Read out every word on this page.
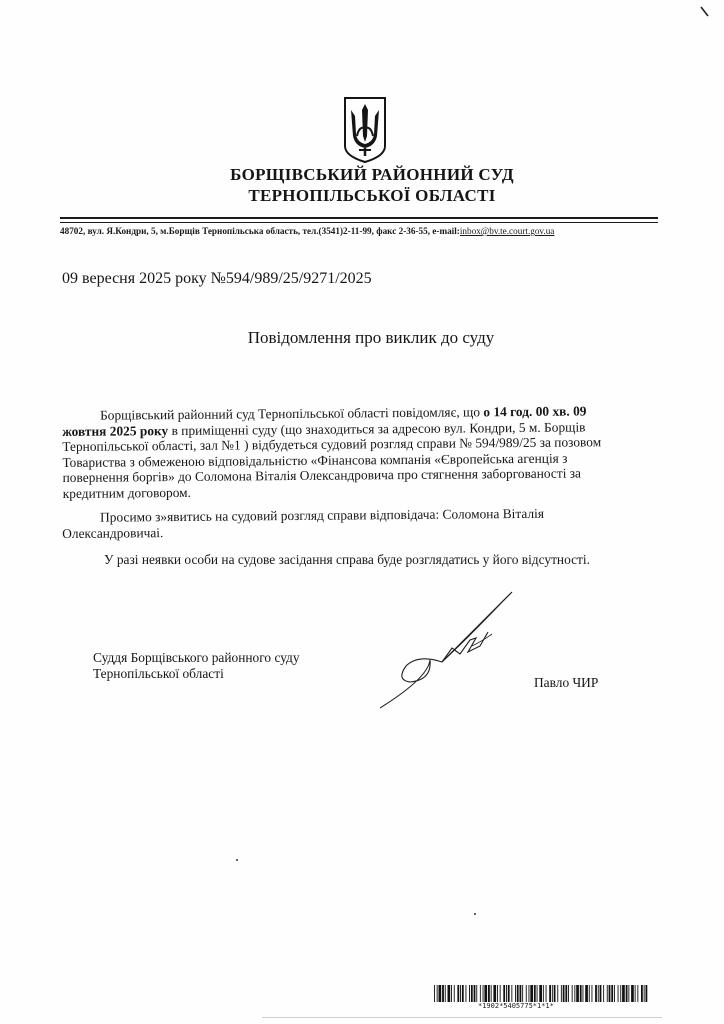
БОРЩІВСЬКИЙ РАЙОННИЙ СУД
ТЕРНОПІЛЬСЬКОЇ ОБЛАСТІ
48702, вул. Я.Кондри, 5, м.Борщів Тернопільська область, тел.(3541)2-11-99, факс 2-36-55, e-mail:inbox@bv.te.court.gov.ua
09 вересня 2025 року №594/989/25/9271/2025
Повідомлення про виклик до суду
Борщівський районний суд Тернопільської області повідомляє, що о 14 год. 00 хв. 09
жовтня 2025 року в приміщенні суду (що знаходиться за адресою вул. Кондри, 5 м. Борщів
Тернопільської області, зал №1 ) відбудеться судовий розгляд справи № 594/989/25 за позовом
Товариства з обмеженою відповідальністю «Фінансова компанія «Європейська агенція з
повернення боргів» до Соломона Віталія Олександровича про стягнення заборгованості за
кредитним договором.
Просимо з»явитись на судовий розгляд справи відповідача: Соломона Віталія
Олександровичаі.
У разі неявки особи на судове засідання справа буде розглядатись у його відсутності.
Суддя Борщівського районного суду
Тернопільської області
Павло ЧИР
*1902*5405775*1*1*
